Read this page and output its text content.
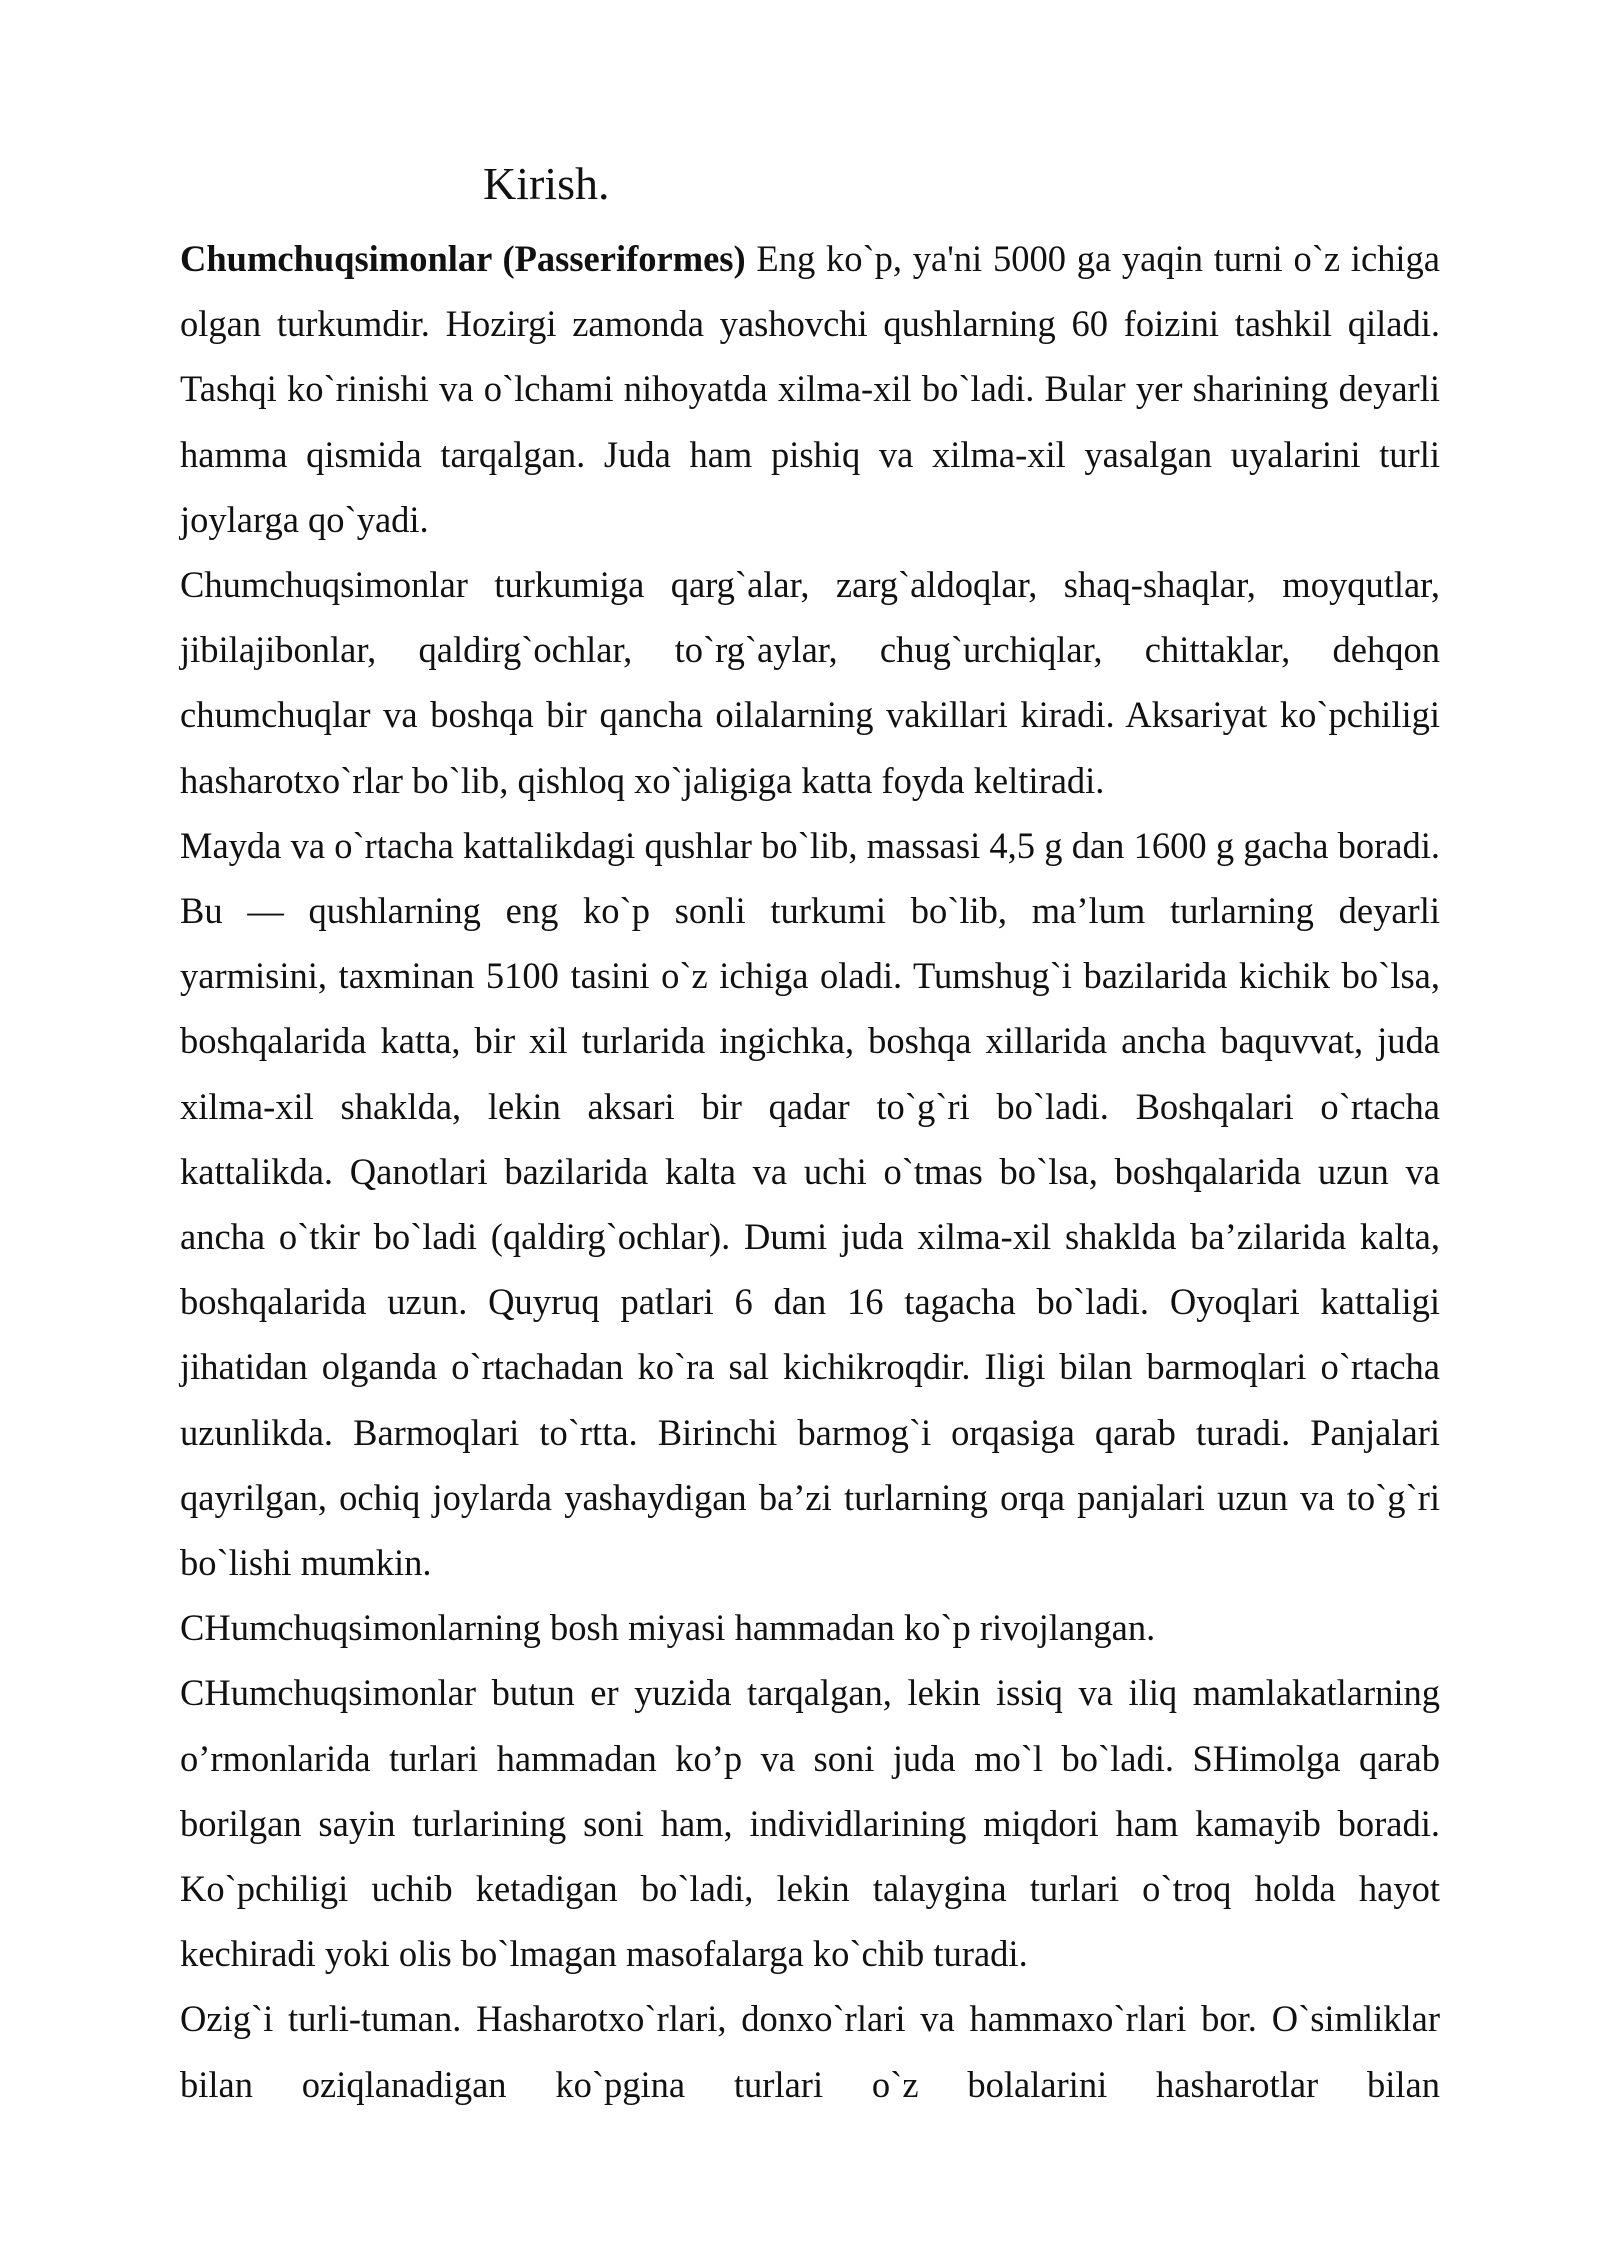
Kirish.

Chumchuqsimonlar (Passeriformes) Eng ko`p, ya'ni 5000 ga yaqin turni o`z ichiga olgan turkumdir. Hozirgi zamonda yashovchi qushlarning 60 foizini tashkil qiladi. Tashqi ko`rinishi va o`lchami nihoyatda xilma-xil bo`ladi. Bular yer sharining deyarli hamma qismida tarqalgan. Juda ham pishiq va xilma-xil yasalgan uyalarini turli joylarga qo`yadi.

Chumchuqsimonlar turkumiga qarg`alar, zarg`aldoqlar, shaq-shaqlar, moyqutlar, jibilajibonlar, qaldirg`ochlar, to`rg`aylar, chug`urchiqlar, chittaklar, dehqon chumchuqlar va boshqa bir qancha oilalarning vakillari kiradi. Aksariyat ko`pchiligi hasharotxo`rlar bo`lib, qishloq xo`jaligiga katta foyda keltiradi.

Mayda va o`rtacha kattalikdagi qushlar bo`lib, massasi 4,5 g dan 1600 g gacha boradi. Bu — qushlarning eng ko`p sonli turkumi bo`lib, ma’lum turlarning deyarli yarmisini, taxminan 5100 tasini o`z ichiga oladi. Tumshug`i bazilarida kichik bo`lsa, boshqalarida katta, bir xil turlarida ingichka, boshqa xillarida ancha baquvvat, juda xilma-xil shaklda, lekin aksari bir qadar to`g`ri bo`ladi. Boshqalari o`rtacha kattalikda. Qanotlari bazilarida kalta va uchi o`tmas bo`lsa, boshqalarida uzun va ancha o`tkir bo`ladi (qaldirg`ochlar). Dumi juda xilma-xil shaklda ba’zilarida kalta, boshqalarida uzun. Quyruq patlari 6 dan 16 tagacha bo`ladi. Oyoqlari kattaligi jihatidan olganda o`rtachadan ko`ra sal kichikroqdir. Iligi bilan barmoqlari o`rtacha uzunlikda. Barmoqlari to`rtta. Birinchi barmog`i orqasiga qarab turadi. Panjalari qayrilgan, ochiq joylarda yashaydigan ba’zi turlarning orqa panjalari uzun va to`g`ri bo`lishi mumkin.

CHumchuqsimonlarning bosh miyasi hammadan ko`p rivojlangan.

CHumchuqsimonlar butun er yuzida tarqalgan, lekin issiq va iliq mamlakatlarning o’rmonlarida turlari hammadan ko’p va soni juda mo`l bo`ladi. SHimolga qarab borilgan sayin turlarining soni ham, individlarining miqdori ham kamayib boradi. Ko`pchiligi uchib ketadigan bo`ladi, lekin talaygina turlari o`troq holda hayot kechiradi yoki olis bo`lmagan masofalarga ko`chib turadi.

Ozig`i turli-tuman. Hasharotxo`rlari, donxo`rlari va hammaxo`rlari bor. O`simliklar bilan oziqlanadigan ko`pgina turlari o`z bolalarini hasharotlar bilan
